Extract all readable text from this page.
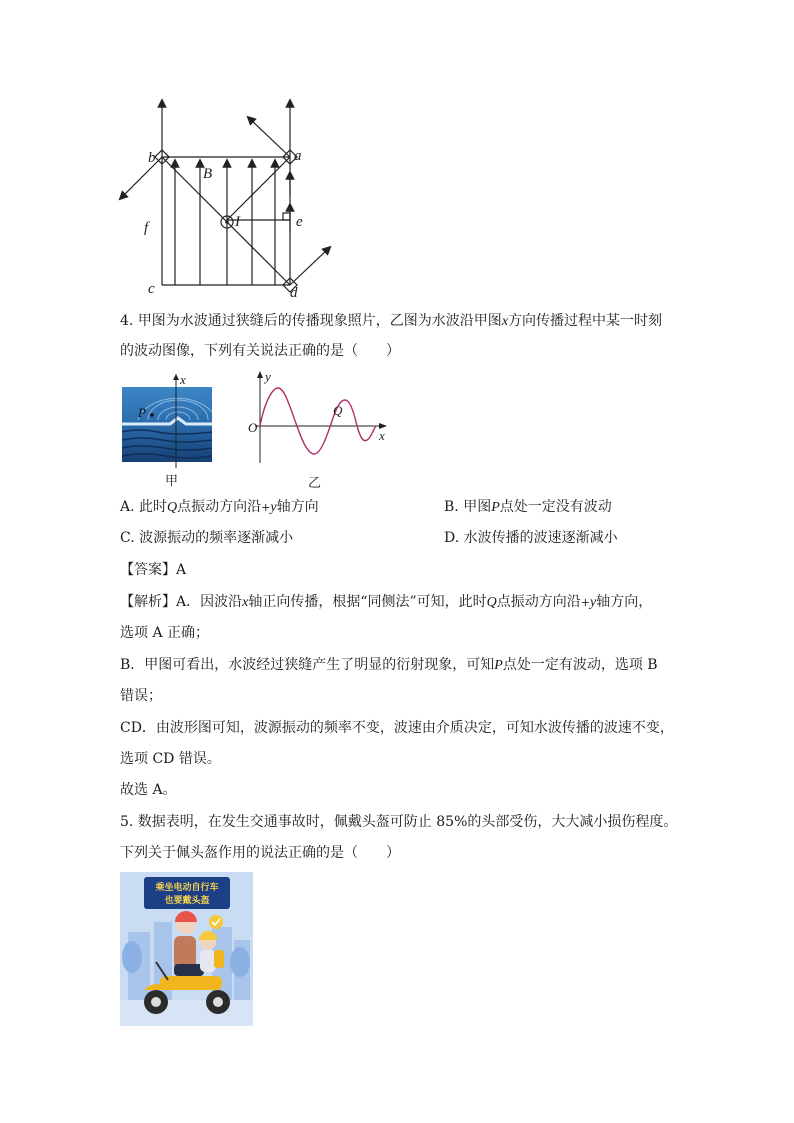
b	a
B
I	e
f
c	d
4. 甲图为水波通过狭缝后的传播现象照片，乙图为水波沿甲图x方向传播过程中某一时刻
的波动图像，下列有关说法正确的是（　　）
x
P
甲
y
x
O
Q
乙
A. 此时Q点振动方向沿+y轴方向	B. 甲图P点处一定没有波动
C. 波源振动的频率逐渐减小	D. 水波传播的波速逐渐减小
【答案】A
【解析】A．因波沿x轴正向传播，根据“同侧法”可知，此时Q点振动方向沿+y轴方向，
选项 A 正确；
B．甲图可看出，水波经过狭缝产生了明显的衍射现象，可知P点处一定有波动，选项 B
错误；
CD．由波形图可知，波源振动的频率不变，波速由介质决定，可知水波传播的波速不变，
选项 CD 错误。
故选 A。
5. 数据表明，在发生交通事故时，佩戴头盔可防止 85%的头部受伤，大大减小损伤程度。
下列关于佩头盔作用的说法正确的是（　　）
乘坐电动自行车
也要戴头盔
